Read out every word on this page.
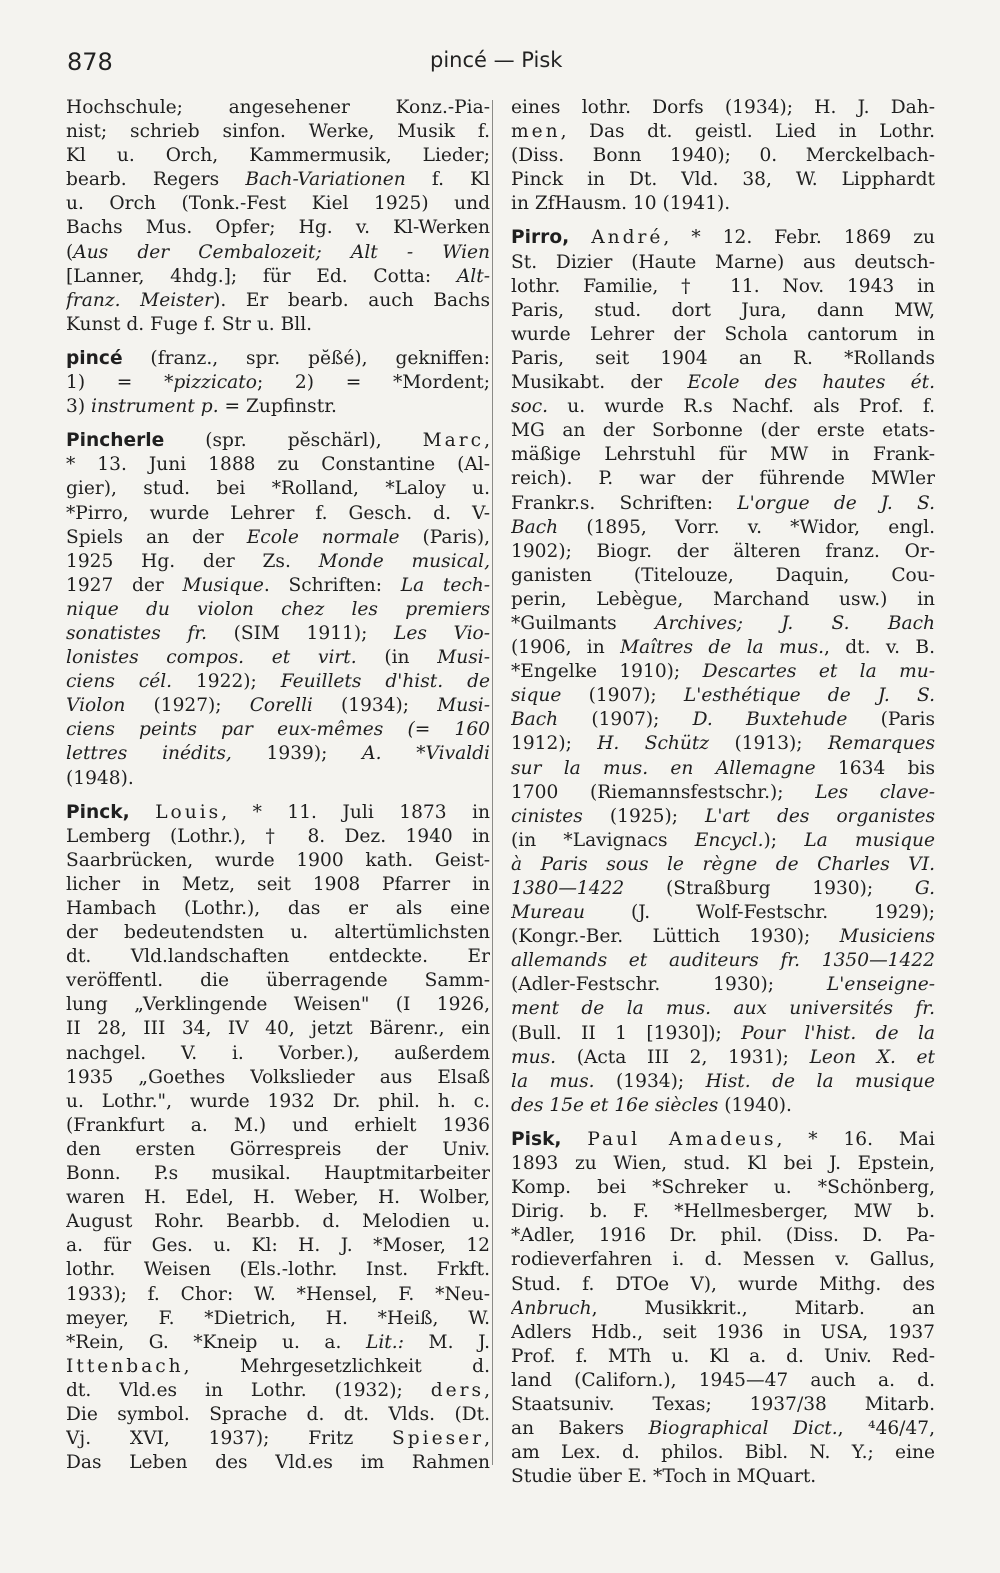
878	pincé — Pisk
Hochschule; angesehener Konz.-Pia-
nist; schrieb sinfon. Werke, Musik f.
Kl u. Orch, Kammermusik, Lieder;
bearb. Regers Bach-Variationen f. Kl
u. Orch (Tonk.-Fest Kiel 1925) und
Bachs Mus. Opfer; Hg. v. Kl-Werken
(Aus der Cembalozeit; Alt - Wien
[Lanner, 4hdg.]; für Ed. Cotta: Alt-
franz. Meister). Er bearb. auch Bachs
Kunst d. Fuge f. Str u. Bll.
pincé (franz., spr. pĕßé), gekniffen:
1) = *pizzicato; 2) = *Mordent;
3) instrument p. = Zupfinstr.
Pincherle (spr. pĕschärl), Marc,
* 13. Juni 1888 zu Constantine (Al-
gier), stud. bei *Rolland, *Laloy u.
*Pirro, wurde Lehrer f. Gesch. d. V-
Spiels an der Ecole normale (Paris),
1925 Hg. der Zs. Monde musical,
1927 der Musique. Schriften: La tech-
nique du violon chez les premiers
sonatistes fr. (SIM 1911); Les Vio-
lonistes compos. et virt. (in Musi-
ciens cél. 1922); Feuillets d'hist. de
Violon (1927); Corelli (1934); Musi-
ciens peints par eux-mêmes (= 160
lettres inédits, 1939); A. *Vivaldi
(1948).
Pinck, Louis, * 11. Juli 1873 in
Lemberg (Lothr.), † 8. Dez. 1940 in
Saarbrücken, wurde 1900 kath. Geist-
licher in Metz, seit 1908 Pfarrer in
Hambach (Lothr.), das er als eine
der bedeutendsten u. altertümlichsten
dt. Vld.landschaften entdeckte. Er
veröffentl. die überragende Samm-
lung „Verklingende Weisen" (I 1926,
II 28, III 34, IV 40, jetzt Bärenr., ein
nachgel. V. i. Vorber.), außerdem
1935 „Goethes Volkslieder aus Elsaß
u. Lothr.", wurde 1932 Dr. phil. h. c.
(Frankfurt a. M.) und erhielt 1936
den ersten Görrespreis der Univ.
Bonn. P.s musikal. Hauptmitarbeiter
waren H. Edel, H. Weber, H. Wolber,
August Rohr. Bearbb. d. Melodien u.
a. für Ges. u. Kl: H. J. *Moser, 12
lothr. Weisen (Els.-lothr. Inst. Frkft.
1933); f. Chor: W. *Hensel, F. *Neu-
meyer, F. *Dietrich, H. *Heiß, W.
*Rein, G. *Kneip u. a. Lit.: M. J.
Ittenbach, Mehrgesetzlichkeit d.
dt. Vld.es in Lothr. (1932); ders,
Die symbol. Sprache d. dt. Vlds. (Dt.
Vj. XVI, 1937); Fritz Spieser,
Das Leben des Vld.es im Rahmen
eines lothr. Dorfs (1934); H. J. Dah-
men, Das dt. geistl. Lied in Lothr.
(Diss. Bonn 1940); 0. Merckelbach-
Pinck in Dt. Vld. 38, W. Lipphardt
in ZfHausm. 10 (1941).
Pirro, André, * 12. Febr. 1869 zu
St. Dizier (Haute Marne) aus deutsch-
lothr. Familie, † 11. Nov. 1943 in
Paris, stud. dort Jura, dann MW,
wurde Lehrer der Schola cantorum in
Paris, seit 1904 an R. *Rollands
Musikabt. der Ecole des hautes ét.
soc. u. wurde R.s Nachf. als Prof. f.
MG an der Sorbonne (der erste etats-
mäßige Lehrstuhl für MW in Frank-
reich). P. war der führende MWler
Frankr.s. Schriften: L'orgue de J. S.
Bach (1895, Vorr. v. *Widor, engl.
1902); Biogr. der älteren franz. Or-
ganisten (Titelouze, Daquin, Cou-
perin, Lebègue, Marchand usw.) in
*Guilmants Archives; J. S. Bach
(1906, in Maîtres de la mus., dt. v. B.
*Engelke 1910); Descartes et la mu-
sique (1907); L'esthétique de J. S.
Bach (1907); D. Buxtehude (Paris
1912); H. Schütz (1913); Remarques
sur la mus. en Allemagne 1634 bis
1700 (Riemannsfestschr.); Les clave-
cinistes (1925); L'art des organistes
(in *Lavignacs Encycl.); La musique
à Paris sous le règne de Charles VI.
1380—1422 (Straßburg 1930); G.
Mureau (J. Wolf-Festschr. 1929);
(Kongr.-Ber. Lüttich 1930); Musiciens
allemands et auditeurs fr. 1350—1422
(Adler-Festschr. 1930); L'enseigne-
ment de la mus. aux universités fr.
(Bull. II 1 [1930]); Pour l'hist. de la
mus. (Acta III 2, 1931); Leon X. et
la mus. (1934); Hist. de la musique
des 15e et 16e siècles (1940).
Pisk, Paul Amadeus, * 16. Mai
1893 zu Wien, stud. Kl bei J. Epstein,
Komp. bei *Schreker u. *Schönberg,
Dirig. b. F. *Hellmesberger, MW b.
*Adler, 1916 Dr. phil. (Diss. D. Pa-
rodieverfahren i. d. Messen v. Gallus,
Stud. f. DTOe V), wurde Mithg. des
Anbruch, Musikkrit., Mitarb. an
Adlers Hdb., seit 1936 in USA, 1937
Prof. f. MTh u. Kl a. d. Univ. Red-
land (Californ.), 1945—47 auch a. d.
Staatsuniv. Texas; 1937/38 Mitarb.
an Bakers Biographical Dict., ⁴46/47,
am Lex. d. philos. Bibl. N. Y.; eine
Studie über E. *Toch in MQuart.
